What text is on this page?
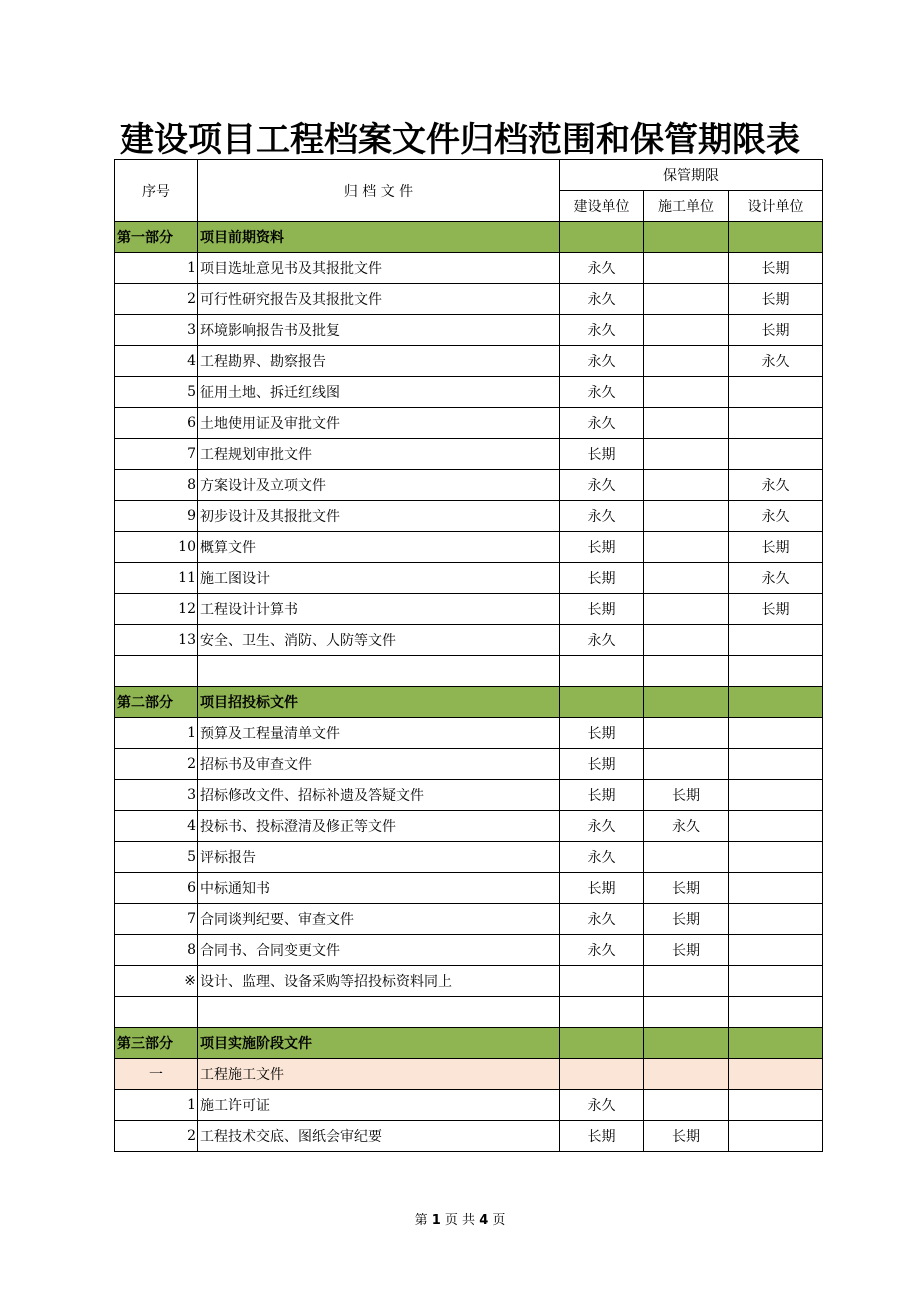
建设项目工程档案文件归档范围和保管期限表
序号	归 档 文 件	保管期限		
		建设单位	施工单位	设计单位
第一部分	项目前期资料			
1	项目选址意见书及其报批文件	永久		长期
2	可行性研究报告及其报批文件	永久		长期
3	环境影响报告书及批复	永久		长期
4	工程勘界、勘察报告	永久		永久
5	征用土地、拆迁红线图	永久		
6	土地使用证及审批文件	永久		
7	工程规划审批文件	长期		
8	方案设计及立项文件	永久		永久
9	初步设计及其报批文件	永久		永久
10	概算文件	长期		长期
11	施工图设计	长期		永久
12	工程设计计算书	长期		长期
13	安全、卫生、消防、人防等文件	永久		

第二部分	项目招投标文件			
1	预算及工程量清单文件	长期		
2	招标书及审查文件	长期		
3	招标修改文件、招标补遗及答疑文件	长期	长期	
4	投标书、投标澄清及修正等文件	永久	永久	
5	评标报告	永久		
6	中标通知书	长期	长期	
7	合同谈判纪要、审查文件	永久	长期	
8	合同书、合同变更文件	永久	长期	
※	设计、监理、设备采购等招投标资料同上			

第三部分	项目实施阶段文件			
一	工程施工文件			
1	施工许可证	永久		
2	工程技术交底、图纸会审纪要	长期	长期	
第 1 页 共 4 页
